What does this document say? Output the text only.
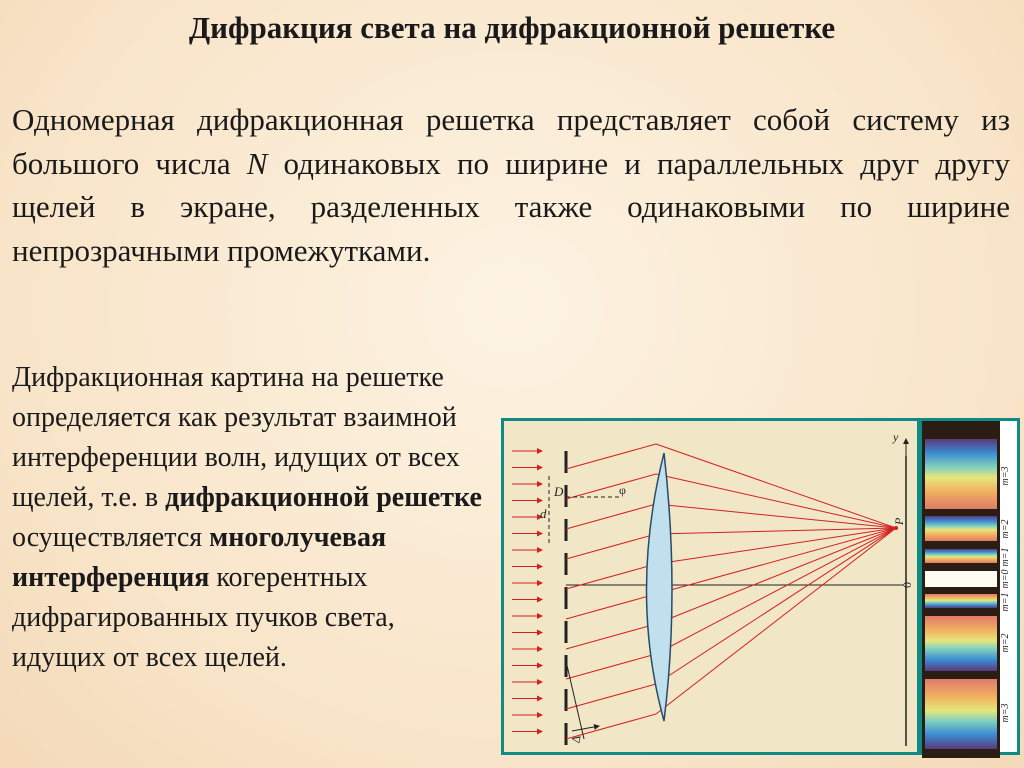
Дифракция света на дифракционной решетке
Одномерная дифракционная решетка представляет собой систему из большого числа N одинаковых по ширине и параллельных друг другу щелей в экране, разделенных также одинаковыми по ширине непрозрачными промежутками.
Дифракционная картина на решетке определяется как результат взаимной интерференции волн, идущих от всех щелей, т.е. в дифракционной решетке осуществляется многолучевая интерференция когерентных дифрагированных пучков света, идущих от всех щелей.
y
P
0
d
D	φ
Δ
m=3
m=2
m=1
m=0
m=1
m=2
m=3
